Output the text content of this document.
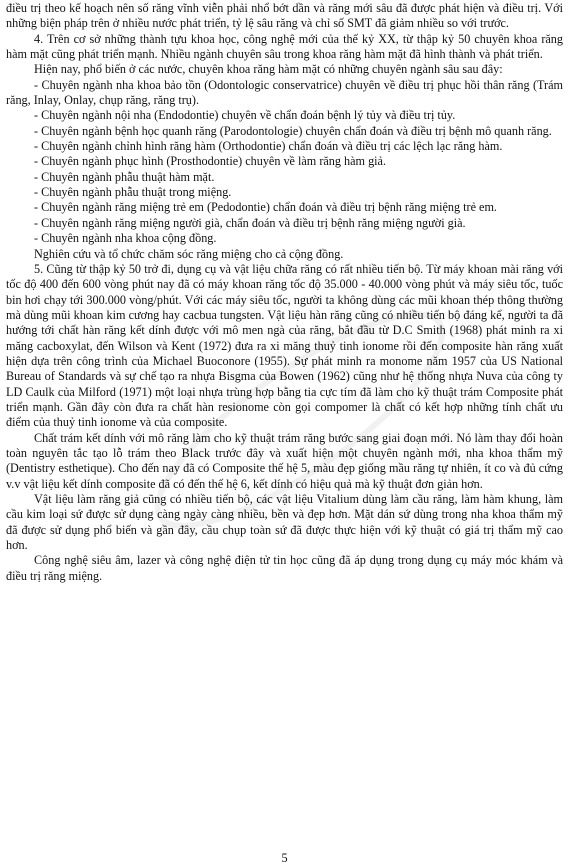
điều trị theo kế hoạch nên số răng vĩnh viễn phải nhổ bớt dần và răng mới sâu đã được phát hiện và điều trị. Với những biện pháp trên ở nhiều nước phát triển, tỷ lệ sâu răng và chỉ số SMT đã giảm nhiều so với trước.

4. Trên cơ sở những thành tựu khoa học, công nghệ mới của thế kỷ XX, từ thập kỷ 50 chuyên khoa răng hàm mặt cũng phát triển mạnh. Nhiều ngành chuyên sâu trong khoa răng hàm mặt đã hình thành và phát triển.

Hiện nay, phổ biến ở các nước, chuyên khoa răng hàm mặt có những chuyên ngành sâu sau đây:

- Chuyên ngành nha khoa bảo tồn (Odontologic conservatrice) chuyên về điều trị phục hồi thân răng (Trám răng, Inlay, Onlay, chụp răng, răng trụ).

- Chuyên ngành nội nha (Endodontie) chuyên về chẩn đoán bệnh lý tủy và điều trị tủy.

- Chuyên ngành bệnh học quanh răng (Parodontologie) chuyên chẩn đoán và điều trị bệnh mô quanh răng.

- Chuyên ngành chỉnh hình răng hàm (Orthodontie) chẩn đoán và điều trị các lệch lạc răng hàm.

- Chuyên ngành phục hình (Prosthodontie) chuyên về làm răng hàm giả.

- Chuyên ngành phẫu thuật hàm mặt.

- Chuyên ngành phẫu thuật trong miệng.

- Chuyên ngành răng miệng trẻ em (Pedodontie) chẩn đoán và điều trị bệnh răng miệng trẻ em.

- Chuyên ngành răng miệng người già, chẩn đoán và điều trị bệnh răng miệng người già.

- Chuyên ngành nha khoa cộng đồng.

Nghiên cứu và tổ chức chăm sóc răng miệng cho cả cộng đồng.

5. Cũng từ thập kỷ 50 trở đi, dụng cụ và vật liệu chữa răng có rất nhiều tiến bộ. Từ máy khoan mài răng với tốc độ 400 đến 600 vòng phút nay đã có máy khoan răng tốc độ 35.000 - 40.000 vòng phút và máy siêu tốc, tuốc bin hơi chạy tới 300.000 vòng/phút. Với các máy siêu tốc, người ta không dùng các mũi khoan thép thông thường mà dùng mũi khoan kim cương hay cacbua tungsten. Vật liệu hàn răng cũng có nhiều tiến bộ đáng kể, người ta đã hướng tới chất hàn răng kết dính được với mô men ngà của răng, bắt đầu từ D.C Smith (1968) phát minh ra xi măng cacboxylat, đến Wilson và Kent (1972) đưa ra xi măng thuỷ tinh ionome rồi đến composite hàn răng xuất hiện dựa trên công trình của Michael Buoconore (1955). Sự phát minh ra monome năm 1957 của US National Bureau of Standards và sự chế tạo ra nhựa Bisgma của Bowen (1962) cũng như hệ thống nhựa Nuva của công ty LD Caulk của Milford (1971) một loại nhựa trùng hợp bằng tia cực tím đã làm cho kỹ thuật trám Composite phát triển mạnh. Gần đây còn đưa ra chất hàn resionome còn gọi compomer là chất có kết hợp những tính chất ưu điểm của thuỷ tinh ionome và của composite.

Chất trám kết dính với mô răng làm cho kỹ thuật trám răng bước sang giai đoạn mới. Nó làm thay đổi hoàn toàn nguyên tắc tạo lỗ trám theo Black trước đây và xuất hiện một chuyên ngành mới, nha khoa thẩm mỹ (Dentistry esthetique). Cho đến nay đã có Composite thế hệ 5, màu đẹp giống mầu răng tự nhiên, ít co và đủ cứng v.v vật liệu kết dính composite đã có đến thế hệ 6, kết dính có hiệu quả mà kỹ thuật đơn giản hơn.

Vật liệu làm răng giả cũng có nhiều tiến bộ, các vật liệu Vitalium dùng làm cầu răng, làm hàm khung, làm cầu kim loại sứ được sử dụng càng ngày càng nhiều, bền và đẹp hơn. Mặt dán sứ dùng trong nha khoa thẩm mỹ đã được sử dụng phổ biến và gần đây, cầu chụp toàn sứ đã được thực hiện với kỹ thuật có giá trị thẩm mỹ cao hơn.

Công nghệ siêu âm, lazer và công nghệ điện tử tin học cũng đã áp dụng trong dụng cụ máy móc khám và điều trị răng miệng.

5
